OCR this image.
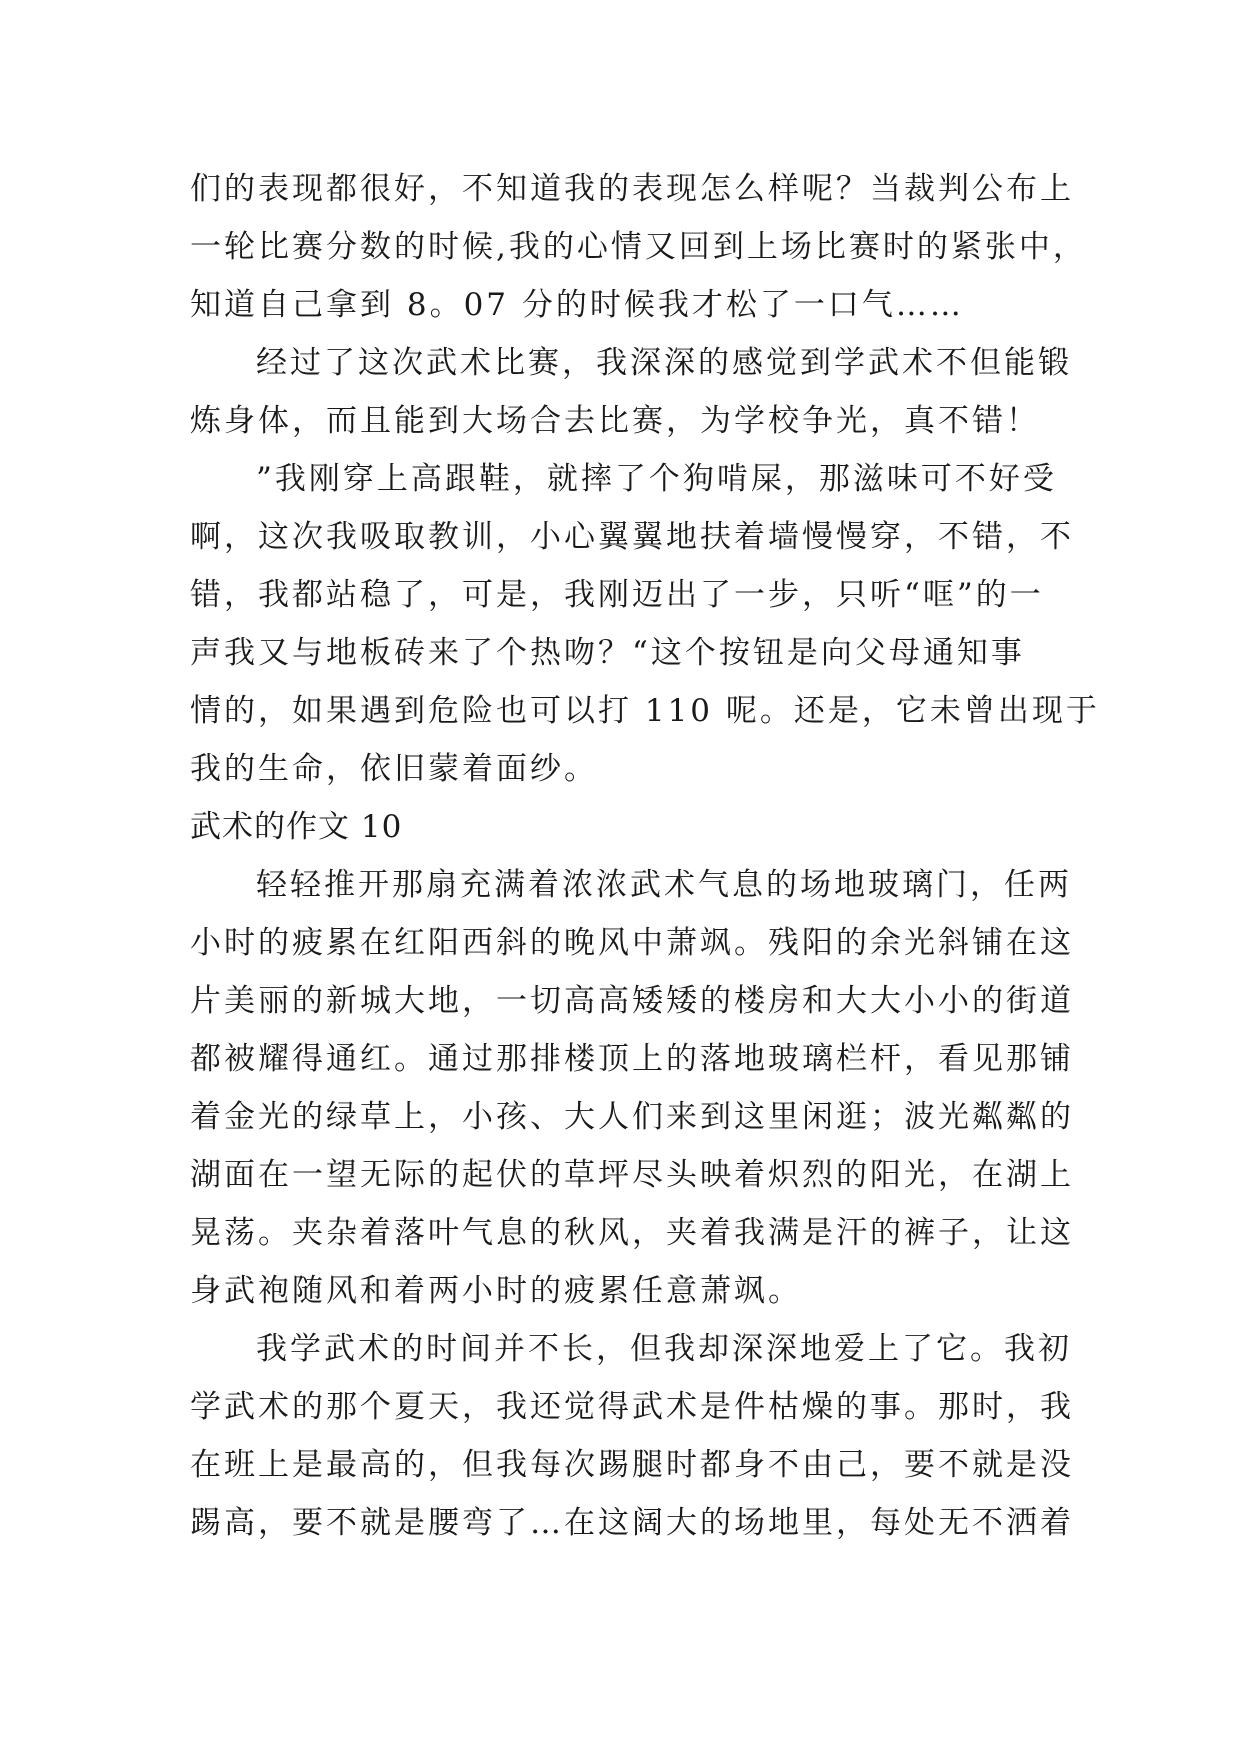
们的表现都很好，不知道我的表现怎么样呢？当裁判公布上
一轮比赛分数的时候,我的心情又回到上场比赛时的紧张中，
知道自己拿到 8。07 分的时候我才松了一口气……
经过了这次武术比赛，我深深的感觉到学武术不但能锻
炼身体，而且能到大场合去比赛，为学校争光，真不错！
”我刚穿上高跟鞋，就摔了个狗啃屎，那滋味可不好受
啊，这次我吸取教训，小心翼翼地扶着墙慢慢穿，不错，不
错，我都站稳了，可是，我刚迈出了一步，只听“哐”的一
声我又与地板砖来了个热吻？“这个按钮是向父母通知事
情的，如果遇到危险也可以打 110 呢。还是，它未曾出现于
我的生命，依旧蒙着面纱。
武术的作文 10
轻轻推开那扇充满着浓浓武术气息的场地玻璃门，任两
小时的疲累在红阳西斜的晚风中萧飒。残阳的余光斜铺在这
片美丽的新城大地，一切高高矮矮的楼房和大大小小的街道
都被耀得通红。通过那排楼顶上的落地玻璃栏杆，看见那铺
着金光的绿草上，小孩、大人们来到这里闲逛；波光粼粼的
湖面在一望无际的起伏的草坪尽头映着炽烈的阳光，在湖上
晃荡。夹杂着落叶气息的秋风，夹着我满是汗的裤子，让这
身武袍随风和着两小时的疲累任意萧飒。
我学武术的时间并不长，但我却深深地爱上了它。我初
学武术的那个夏天，我还觉得武术是件枯燥的事。那时，我
在班上是最高的，但我每次踢腿时都身不由己，要不就是没
踢高，要不就是腰弯了…在这阔大的场地里，每处无不洒着
